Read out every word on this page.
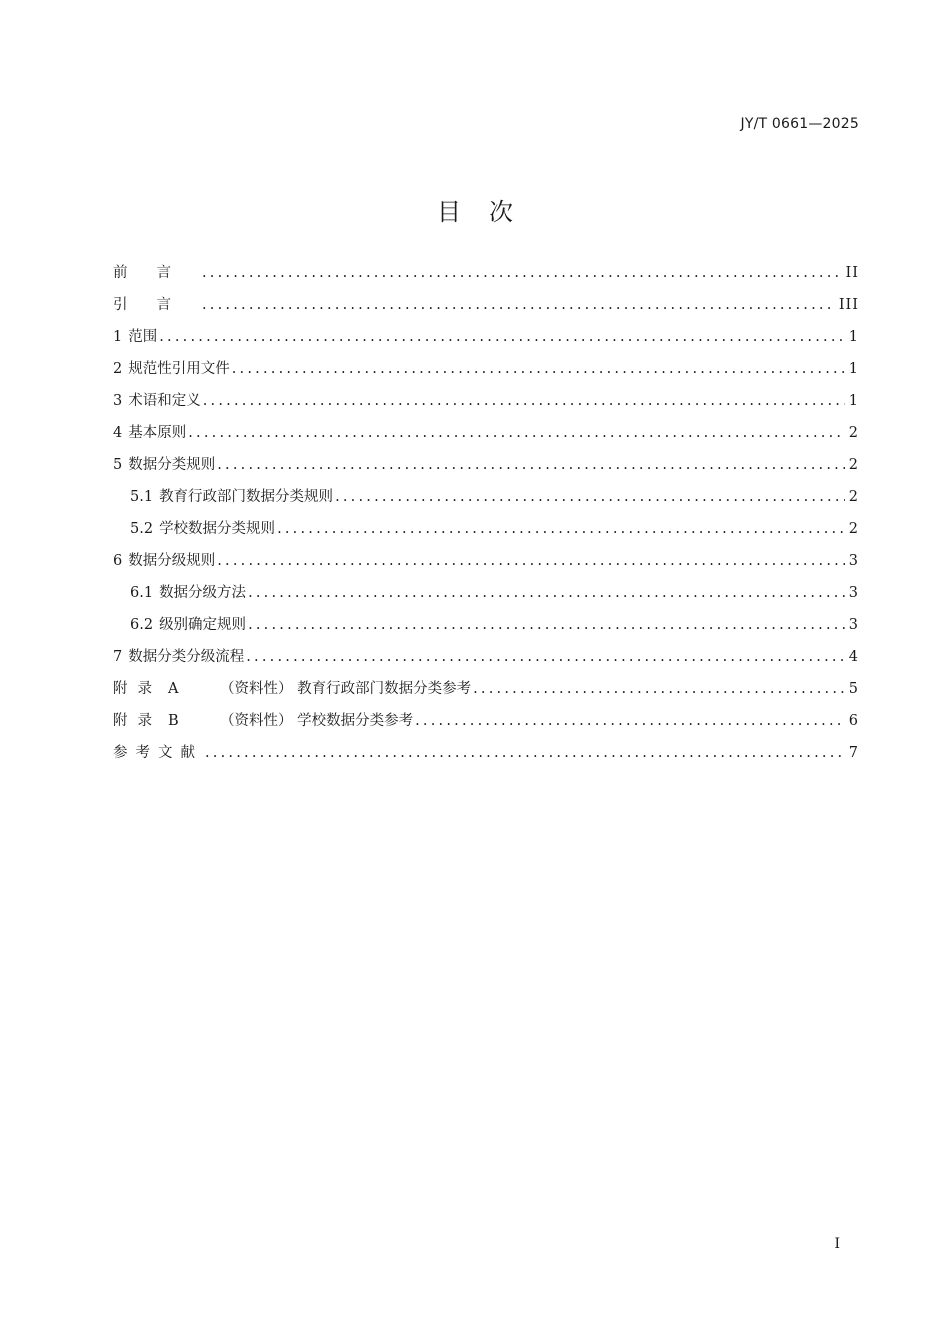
JY/T 0661—2025
目 次
前言 .....	II
引言 .....	III
1 范围 .....	1
2 规范性引用文件 .....	1
3 术语和定义 .....	1
4 基本原则 .....	2
5 数据分类规则 .....	2
5.1 教育行政部门数据分类规则 .....	2
5.2 学校数据分类规则 .....	2
6 数据分级规则 .....	3
6.1 数据分级方法 .....	3
6.2 级别确定规则 .....	3
7 数据分类分级流程 .....	4
附录 A	（资料性） 教育行政部门数据分类参考 .....	5
附录 B	（资料性） 学校数据分类参考 .....	6
参考文献 .....	7
I
